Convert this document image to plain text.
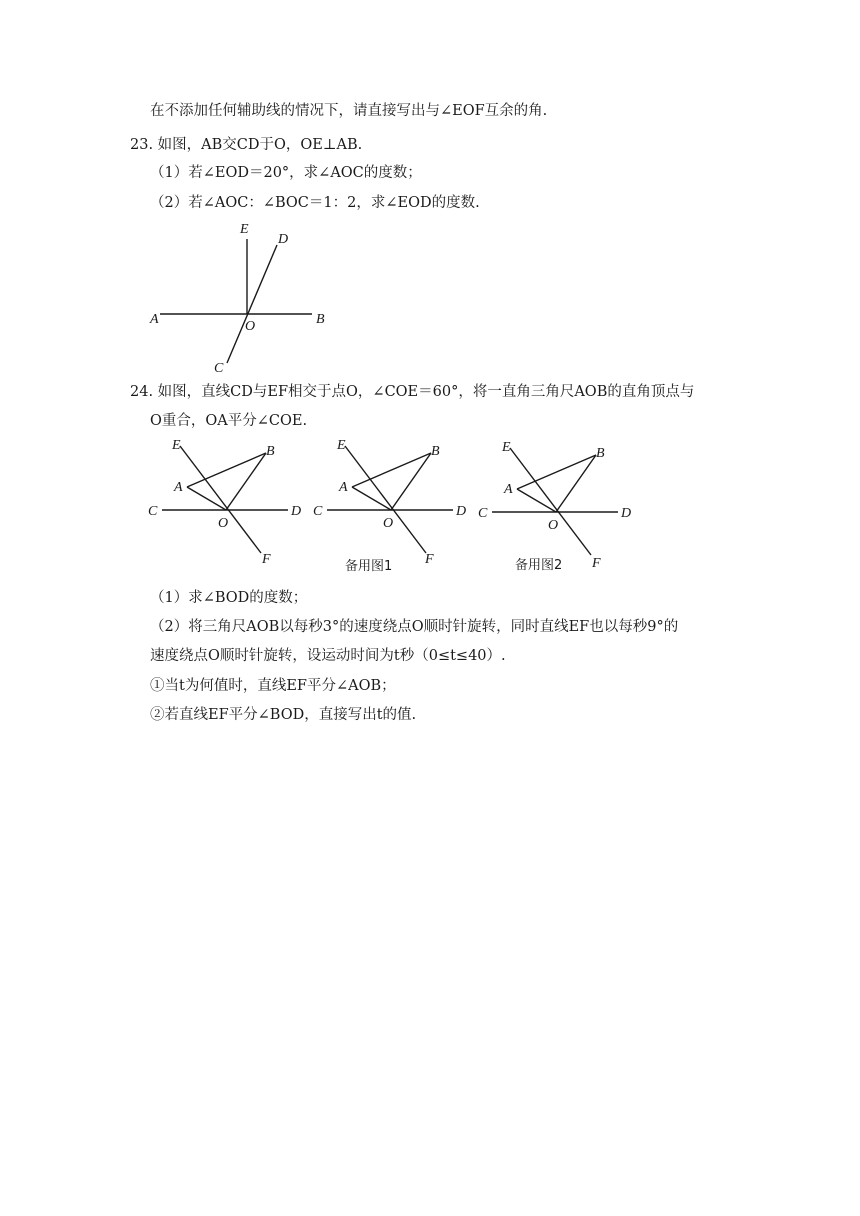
在不添加任何辅助线的情况下，请直接写出与∠EOF互余的角.
23. 如图，AB交CD于O，OE⊥AB.
（1）若∠EOD＝20°，求∠AOC的度数；
（2）若∠AOC：∠BOC＝1：2，求∠EOD的度数.
E
D
A	O	B
C
24. 如图，直线CD与EF相交于点O，∠COE＝60°，将一直角三角尺AOB的直角顶点与
O重合，OA平分∠COE.
E	B
A
C
O
D
F
E	B
A
C
O
D
F
备用图1
E	B
A
C
O
D
F
备用图2
（1）求∠BOD的度数；
（2）将三角尺AOB以每秒3°的速度绕点O顺时针旋转，同时直线EF也以每秒9°的
速度绕点O顺时针旋转，设运动时间为t秒（0≤t≤40）.
①当t为何值时，直线EF平分∠AOB；
②若直线EF平分∠BOD，直接写出t的值.
